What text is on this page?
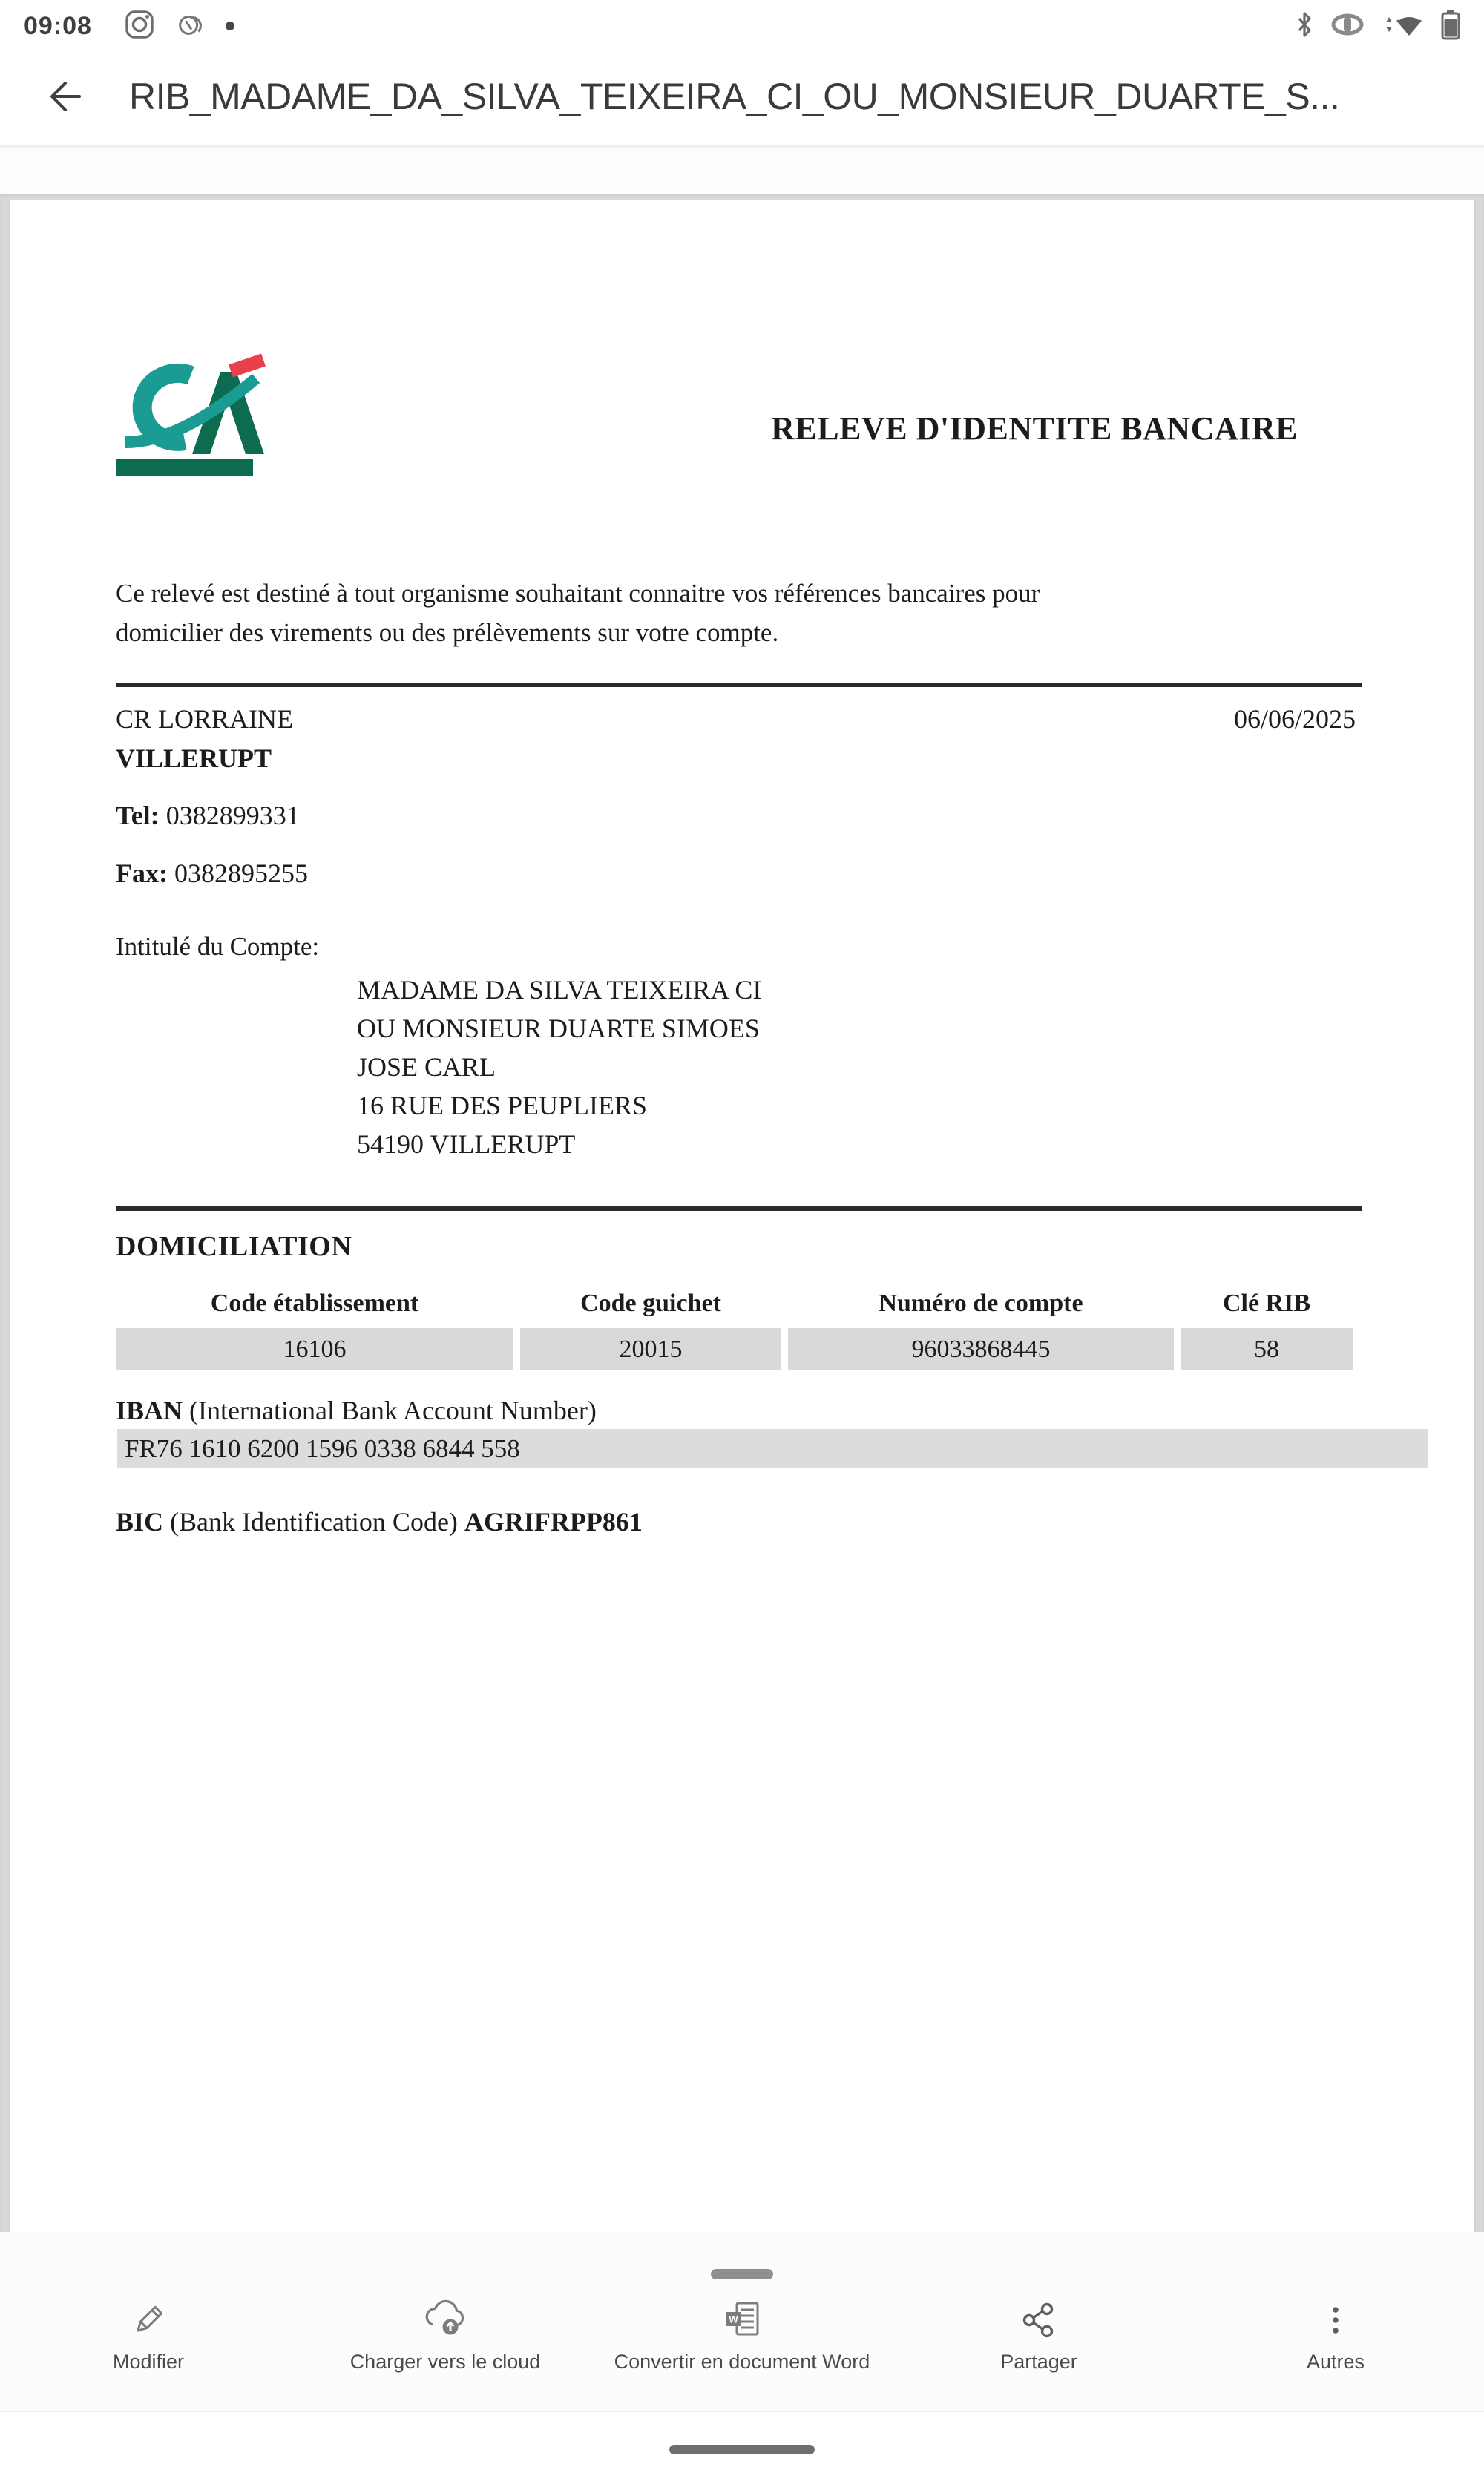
09:08
RIB_MADAME_DA_SILVA_TEIXEIRA_CI_OU_MONSIEUR_DUARTE_S...
RELEVE D'IDENTITE BANCAIRE
Ce relevé est destiné à tout organisme souhaitant connaitre vos références bancaires pour
domicilier des virements ou des prélèvements sur votre compte.
CR LORRAINE	06/06/2025
VILLERUPT
Tel: 0382899331
Fax: 0382895255
Intitulé du Compte:
MADAME DA SILVA TEIXEIRA CI
OU MONSIEUR DUARTE SIMOES
JOSE CARL
16 RUE DES PEUPLIERS
54190 VILLERUPT
DOMICILIATION
Code établissement	Code guichet	Numéro de compte	Clé RIB
16106	20015	96033868445	58
IBAN (International Bank Account Number)
FR76 1610 6200 1596 0338 6844 558
BIC (Bank Identification Code) AGRIFRPP861
Modifier	Charger vers le cloud
W
Convertir en document Word	Partager	Autres
